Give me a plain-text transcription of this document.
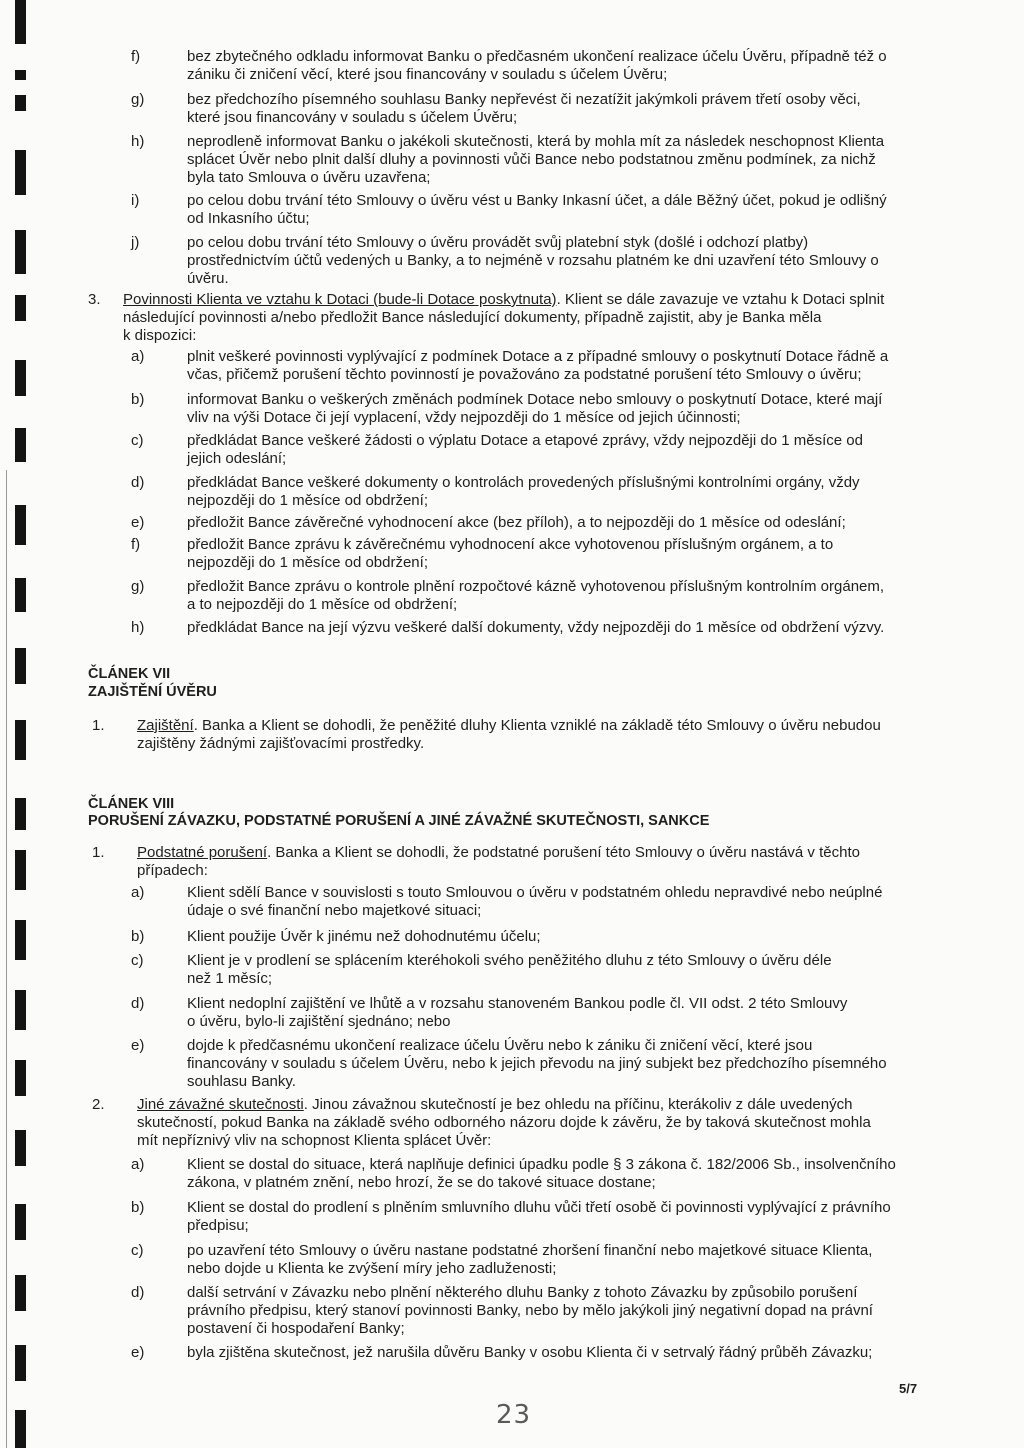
f)	bez zbytečného odkladu informovat Banku o předčasném ukončení realizace účelu Úvěru, případně též o
zániku či zničení věcí, které jsou financovány v souladu s účelem Úvěru;
g)	bez předchozího písemného souhlasu Banky nepřevést či nezatížit jakýmkoli právem třetí osoby věci,
které jsou financovány v souladu s účelem Úvěru;
h)	neprodleně informovat Banku o jakékoli skutečnosti, která by mohla mít za následek neschopnost Klienta
splácet Úvěr nebo plnit další dluhy a povinnosti vůči Bance nebo podstatnou změnu podmínek, za nichž
byla tato Smlouva o úvěru uzavřena;
i)	po celou dobu trvání této Smlouvy o úvěru vést u Banky Inkasní účet, a dále Běžný účet, pokud je odlišný
od Inkasního účtu;
j)	po celou dobu trvání této Smlouvy o úvěru provádět svůj platební styk (došlé i odchozí platby)
prostřednictvím účtů vedených u Banky, a to nejméně v rozsahu platném ke dni uzavření této Smlouvy o
úvěru.
3. Povinnosti Klienta ve vztahu k Dotaci (bude-li Dotace poskytnuta). Klient se dále zavazuje ve vztahu k Dotaci splnit
následující povinnosti a/nebo předložit Bance následující dokumenty, případně zajistit, aby je Banka měla
k dispozici:
a)	plnit veškeré povinnosti vyplývající z podmínek Dotace a z případné smlouvy o poskytnutí Dotace řádně a
včas, přičemž porušení těchto povinností je považováno za podstatné porušení této Smlouvy o úvěru;
b)	informovat Banku o veškerých změnách podmínek Dotace nebo smlouvy o poskytnutí Dotace, které mají
vliv na výši Dotace či její vyplacení, vždy nejpozději do 1 měsíce od jejich účinnosti;
c)	předkládat Bance veškeré žádosti o výplatu Dotace a etapové zprávy, vždy nejpozději do 1 měsíce od
jejich odeslání;
d)	předkládat Bance veškeré dokumenty o kontrolách provedených příslušnými kontrolními orgány, vždy
nejpozději do 1 měsíce od obdržení;
e)	předložit Bance závěrečné vyhodnocení akce (bez příloh), a to nejpozději do 1 měsíce od odeslání;
f)	předložit Bance zprávu k závěrečnému vyhodnocení akce vyhotovenou příslušným orgánem, a to
nejpozději do 1 měsíce od obdržení;
g)	předložit Bance zprávu o kontrole plnění rozpočtové kázně vyhotovenou příslušným kontrolním orgánem,
a to nejpozději do 1 měsíce od obdržení;
h)	předkládat Bance na její výzvu veškeré další dokumenty, vždy nejpozději do 1 měsíce od obdržení výzvy.
ČLÁNEK VII
ZAJIŠTĚNÍ ÚVĚRU
1. Zajištění. Banka a Klient se dohodli, že peněžité dluhy Klienta vzniklé na základě této Smlouvy o úvěru nebudou
zajištěny žádnými zajišťovacími prostředky.
ČLÁNEK VIII
PORUŠENÍ ZÁVAZKU, PODSTATNÉ PORUŠENÍ A JINÉ ZÁVAŽNÉ SKUTEČNOSTI, SANKCE
1. Podstatné porušení. Banka a Klient se dohodli, že podstatné porušení této Smlouvy o úvěru nastává v těchto
případech:
a)	Klient sdělí Bance v souvislosti s touto Smlouvou o úvěru v podstatném ohledu nepravdivé nebo neúplné
údaje o své finanční nebo majetkové situaci;
b)	Klient použije Úvěr k jinému než dohodnutému účelu;
c)	Klient je v prodlení se splácením kteréhokoli svého peněžitého dluhu z této Smlouvy o úvěru déle
než 1 měsíc;
d)	Klient nedoplní zajištění ve lhůtě a v rozsahu stanoveném Bankou podle čl. VII odst. 2 této Smlouvy
o úvěru, bylo-li zajištění sjednáno; nebo
e)	dojde k předčasnému ukončení realizace účelu Úvěru nebo k zániku či zničení věcí, které jsou
financovány v souladu s účelem Úvěru, nebo k jejich převodu na jiný subjekt bez předchozího písemného
souhlasu Banky.
2. Jiné závažné skutečnosti. Jinou závažnou skutečností je bez ohledu na příčinu, kterákoliv z dále uvedených
skutečností, pokud Banka na základě svého odborného názoru dojde k závěru, že by taková skutečnost mohla
mít nepříznivý vliv na schopnost Klienta splácet Úvěr:
a)	Klient se dostal do situace, která naplňuje definici úpadku podle § 3 zákona č. 182/2006 Sb., insolvenčního
zákona, v platném znění, nebo hrozí, že se do takové situace dostane;
b)	Klient se dostal do prodlení s plněním smluvního dluhu vůči třetí osobě či povinnosti vyplývající z právního
předpisu;
c)	po uzavření této Smlouvy o úvěru nastane podstatné zhoršení finanční nebo majetkové situace Klienta,
nebo dojde u Klienta ke zvýšení míry jeho zadluženosti;
d)	další setrvání v Závazku nebo plnění některého dluhu Banky z tohoto Závazku by způsobilo porušení
právního předpisu, který stanoví povinnosti Banky, nebo by mělo jakýkoli jiný negativní dopad na právní
postavení či hospodaření Banky;
e)	byla zjištěna skutečnost, jež narušila důvěru Banky v osobu Klienta či v setrvalý řádný průběh Závazku;
5/7
23
